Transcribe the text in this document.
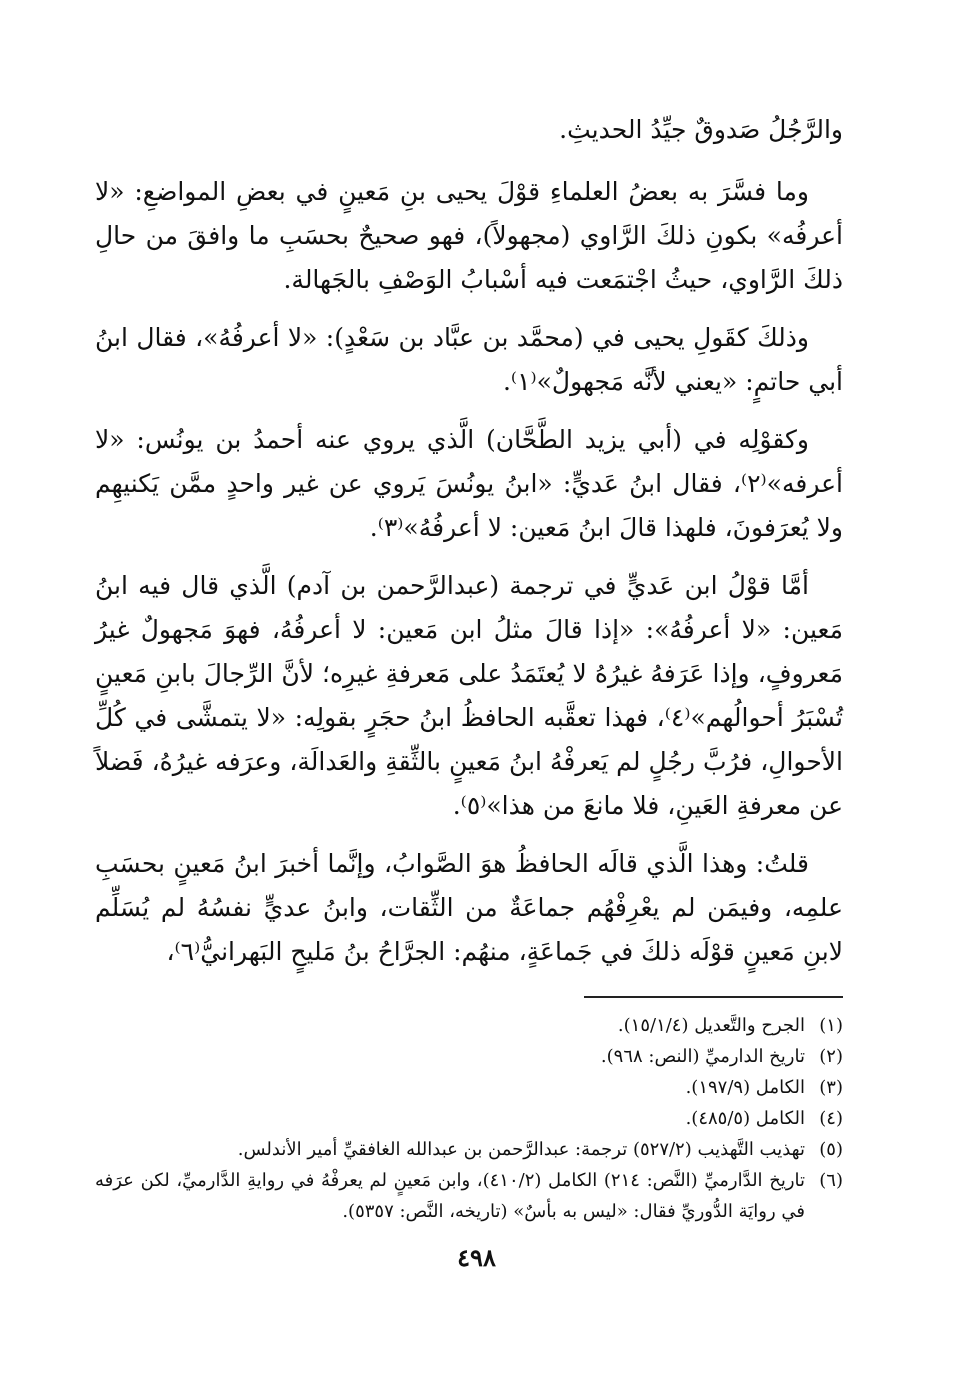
والرَّجُلُ صَدوقٌ جيِّدُ الحديثِ.

وما فسَّرَ به بعضُ العلماءِ قوْلَ يحيى بنِ مَعينٍ في بعضِ المواضعِ: «لا أعرفُه» بكونِ ذلكَ الرَّاوي (مجهولاً)، فهو صحيحٌ بحسَبِ ما وافقَ من حالِ ذلكَ الرَّاوي، حيثُ اجْتمَعت فيه أسْبابُ الوَصْفِ بالجَهالة.

وذلكَ كقَولِ يحيى في (محمَّد بن عبَّاد بن سَعْدٍ): «لا أعرفُهُ»، فقال ابنُ أبي حاتمٍ: «يعني لأنَّه مَجهولٌ»⁽١⁾.

وكقوْلِه في (أبي يزيد الطَّحَّان) الَّذي يروي عنه أحمدُ بن يونُس: «لا أعرفه»⁽٢⁾، فقال ابنُ عَديٍّ: «ابنُ يونُسَ يَروي عن غير واحدٍ ممَّن يَكنيهِم ولا يُعرَفونَ، فلهذا قالَ ابنُ مَعين: لا أعرفُهُ»⁽٣⁾.

أمَّا قوْلُ ابن عَديٍّ في ترجمة (عبدالرَّحمن بن آدم) الَّذي قال فيه ابنُ مَعين: «لا أعرفُهُ»: «إذا قالَ مثلُ ابن مَعين: لا أعرفُهُ، فهوَ مَجهولٌ غيرُ مَعروفٍ، وإذا عَرَفهُ غيرُهُ لا يُعتَمَدُ على مَعرفةِ غيرِه؛ لأنَّ الرِّجالَ بابنِ مَعينٍ تُسْبَرُ أحوالُهم»⁽٤⁾، فهذا تعقَّبه الحافظُ ابنُ حجَرٍ بقولِه: «لا يتمشَّى في كُلِّ الأحوالِ، فرُبَّ رجُلٍ لم يَعرفْهُ ابنُ مَعينٍ بالثِّقةِ والعَدالَة، وعرَفه غيرُهُ، فَضلاً عن معرفةِ العَينِ، فلا مانعَ من هذا»⁽٥⁾.

قلتُ: وهذا الَّذي قالَه الحافظُ هوَ الصَّوابُ، وإنَّما أخبرَ ابنُ مَعينٍ بحسَبِ علمِه، وفيمَن لم يعْرِفْهُم جماعَةٌ من الثِّقات، وابنُ عديٍّ نفسُهُ لم يُسَلِّم لابنِ مَعينٍ قوْلَه ذلكَ في جَماعَةٍ، منهُم: الجرَّاحُ بنُ مَليحٍ البَهرانيُّ⁽٦⁾،

(١)
الجرح والتَّعديل (١٥/١/٤).
(٢)
تاريخ الدارميِّ (النص: ٩٦٨).
(٣)
الكامل (١٩٧/٩).
(٤)
الكامل (٤٨٥/٥).
(٥)
تهذيب التَّهذيب (٥٢٧/٢) ترجمة: عبدالرَّحمن بن عبدالله الغافقيِّ أمير الأندلس.
(٦)
تاريخ الدَّارميِّ (النَّص: ٢١٤) الكامل (٤١٠/٢)، وابن مَعينٍ لم يعرفْهُ في روايةِ الدَّارميِّ، لكن عرَفه في روايَة الدُّوريِّ فقال: «ليس به بأسٌ» (تاريخه، النَّص: ٥٣٥٧).
٤٩٨
